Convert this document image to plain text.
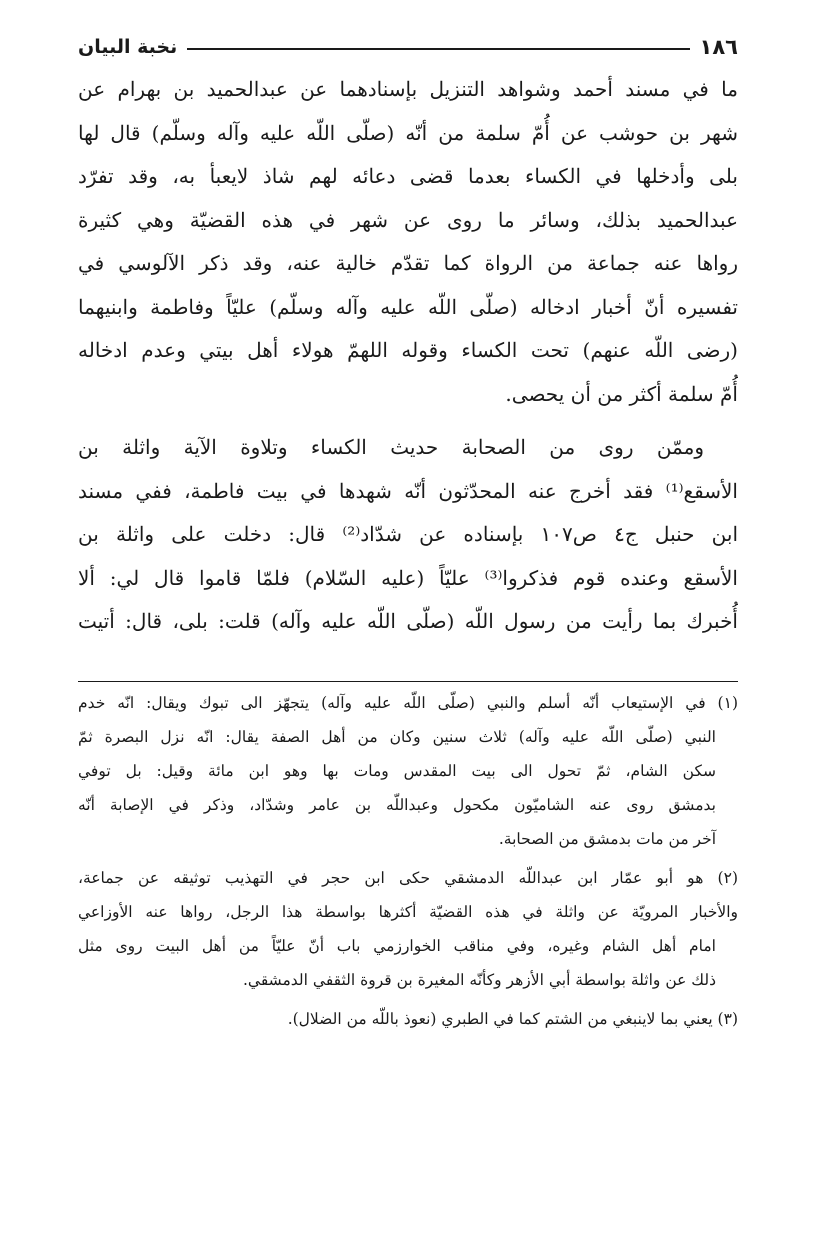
١٨٦
نخبة البيان
ما في مسند أحمد وشواهد التنزيل بإسنادهما عن عبدالحميد بن بهرام عن
شهر بن حوشب عن أُمّ سلمة من أنّه (صلّى اللّه عليه وآله وسلّم) قال لها
بلى وأدخلها في الكساء بعدما قضى دعائه لهم شاذ لايعبأ به، وقد تفرّد
عبدالحميد بذلك، وسائر ما روى عن شهر في هذه القضيّة وهي كثيرة
رواها عنه جماعة من الرواة كما تقدّم خالية عنه، وقد ذكر الآلوسي في
تفسيره أنّ أخبار ادخاله (صلّى اللّه عليه وآله وسلّم) عليّاً وفاطمة وابنيهما
(رضى اللّه عنهم) تحت الكساء وقوله اللهمّ هولاء أهل بيتي وعدم ادخاله
أُمّ سلمة أكثر من أن يحصى.
وممّن روى من الصحابة حديث الكساء وتلاوة الآية واثلة بن
الأسقع⁽¹⁾ فقد أخرج عنه المحدّثون أنّه شهدها في بيت فاطمة، ففي مسند
ابن حنبل ج٤ ص١٠٧ بإسناده عن شدّاد⁽²⁾ قال: دخلت على واثلة بن
الأسقع وعنده قوم فذكروا⁽³⁾ عليّاً (عليه السّلام) فلمّا قاموا قال لي: ألا
أُخبرك بما رأيت من رسول اللّه (صلّى اللّه عليه وآله) قلت: بلى، قال: أتيت
(١) في الإستيعاب أنّه أسلم والنبي (صلّى اللّه عليه وآله) يتجهّز الى تبوك ويقال: انّه خدم
النبي (صلّى اللّه عليه وآله) ثلاث سنين وكان من أهل الصفة يقال: انّه نزل البصرة ثمّ
سكن الشام، ثمّ تحول الى بيت المقدس ومات بها وهو ابن مائة وقيل: بل توفي
بدمشق روى عنه الشاميّون مكحول وعبداللّه بن عامر وشدّاد، وذكر في الإصابة أنّه
آخر من مات بدمشق من الصحابة.
(٢) هو أبو عمّار ابن عبداللّه الدمشقي حكى ابن حجر في التهذيب توثيقه عن جماعة،
والأخبار المرويّة عن واثلة في هذه القضيّة أكثرها بواسطة هذا الرجل، رواها عنه الأوزاعي
امام أهل الشام وغيره، وفي مناقب الخوارزمي باب أنّ عليّاً من أهل البيت روى مثل
ذلك عن واثلة بواسطة أبي الأزهر وكأنّه المغيرة بن قروة الثقفي الدمشقي.
(٣) يعني بما لاينبغي من الشتم كما في الطبري (نعوذ باللّه من الضلال).
